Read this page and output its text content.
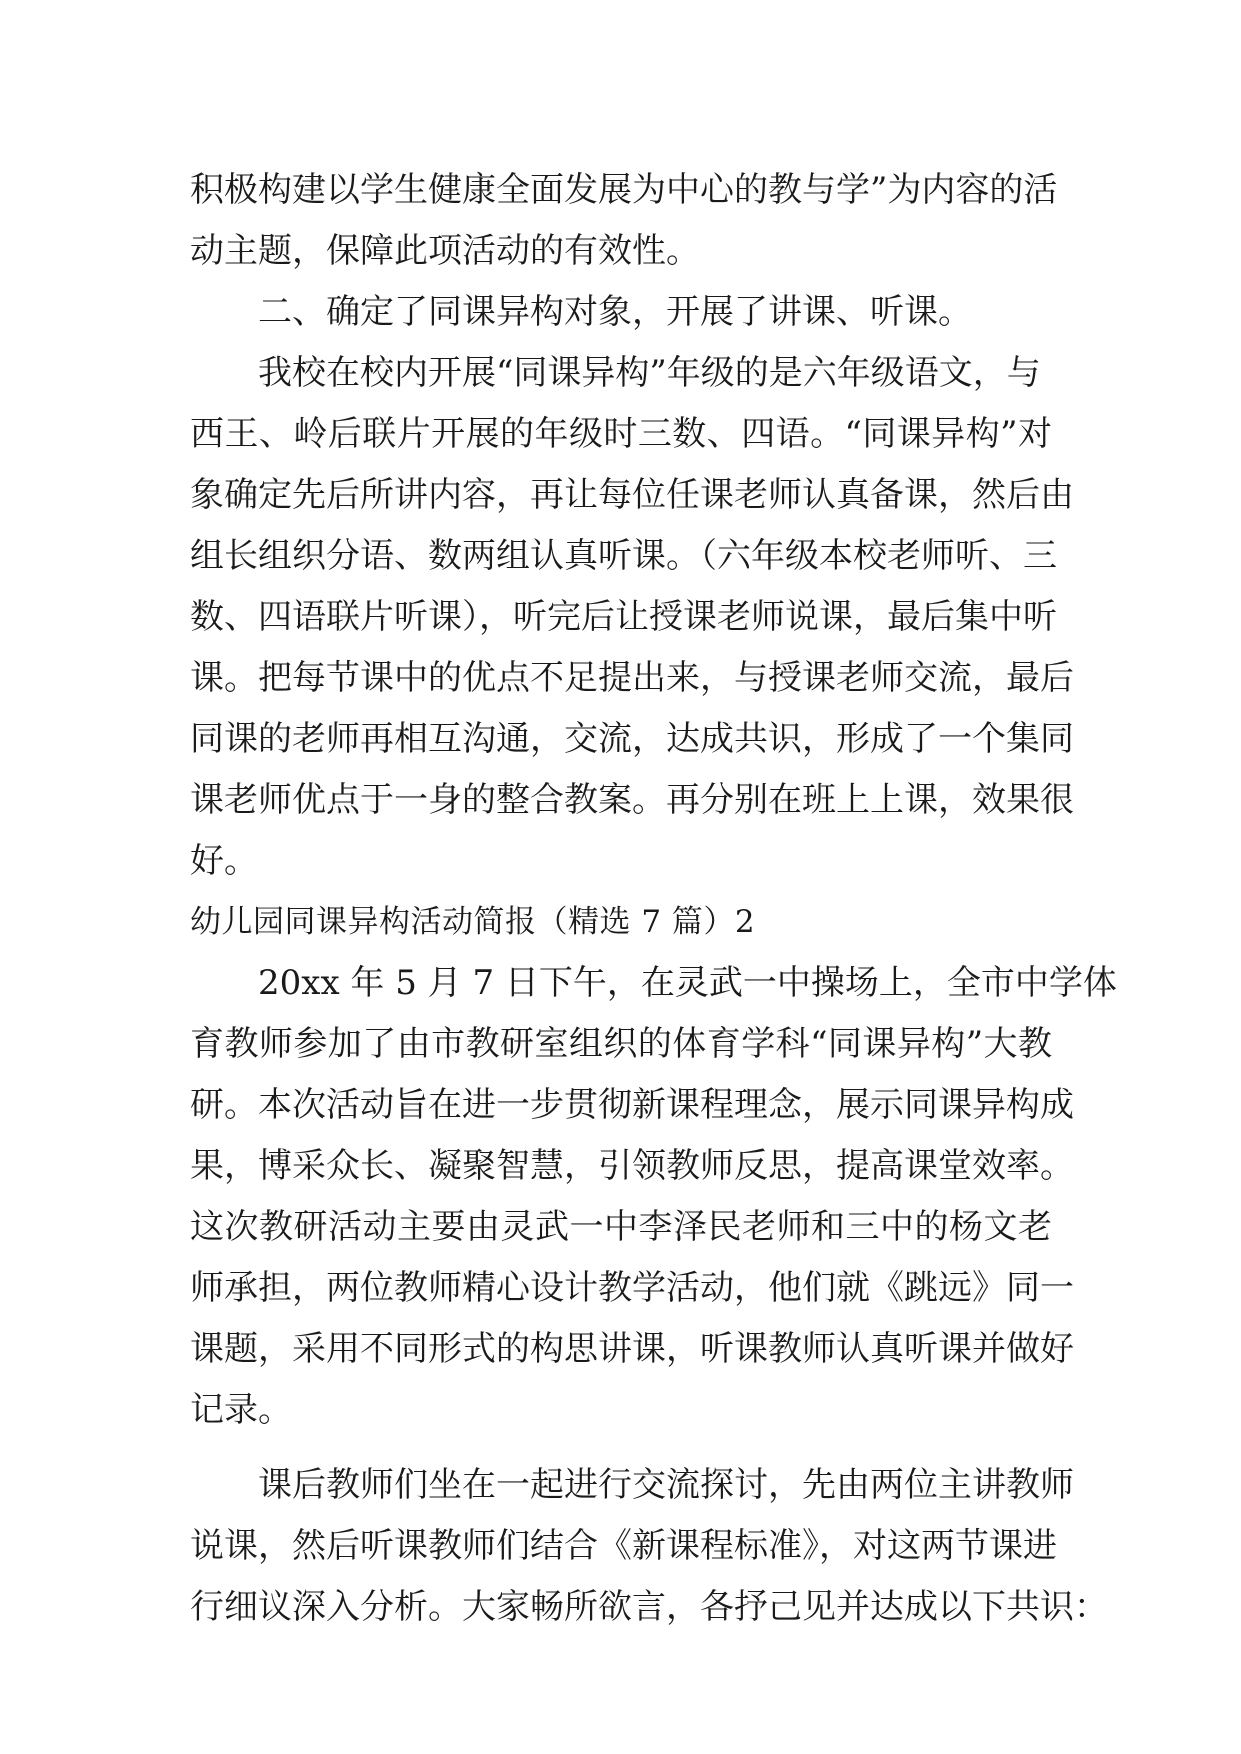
积极构建以学生健康全面发展为中心的教与学”为内容的活
动主题，保障此项活动的有效性。
二、确定了同课异构对象，开展了讲课、听课。
我校在校内开展“同课异构”年级的是六年级语文，与
西王、岭后联片开展的年级时三数、四语。“同课异构”对
象确定先后所讲内容，再让每位任课老师认真备课，然后由
组长组织分语、数两组认真听课。（六年级本校老师听、三
数、四语联片听课），听完后让授课老师说课，最后集中听
课。把每节课中的优点不足提出来，与授课老师交流，最后
同课的老师再相互沟通，交流，达成共识，形成了一个集同
课老师优点于一身的整合教案。再分别在班上上课，效果很
好。
幼儿园同课异构活动简报（精选 7 篇）2
20xx 年 5 月 7 日下午，在灵武一中操场上，全市中学体
育教师参加了由市教研室组织的体育学科“同课异构”大教
研。本次活动旨在进一步贯彻新课程理念，展示同课异构成
果，博采众长、凝聚智慧，引领教师反思，提高课堂效率。
这次教研活动主要由灵武一中李泽民老师和三中的杨文老
师承担，两位教师精心设计教学活动，他们就《跳远》同一
课题，采用不同形式的构思讲课，听课教师认真听课并做好
记录。
课后教师们坐在一起进行交流探讨，先由两位主讲教师
说课，然后听课教师们结合《新课程标准》，对这两节课进
行细议深入分析。大家畅所欲言，各抒己见并达成以下共识：
